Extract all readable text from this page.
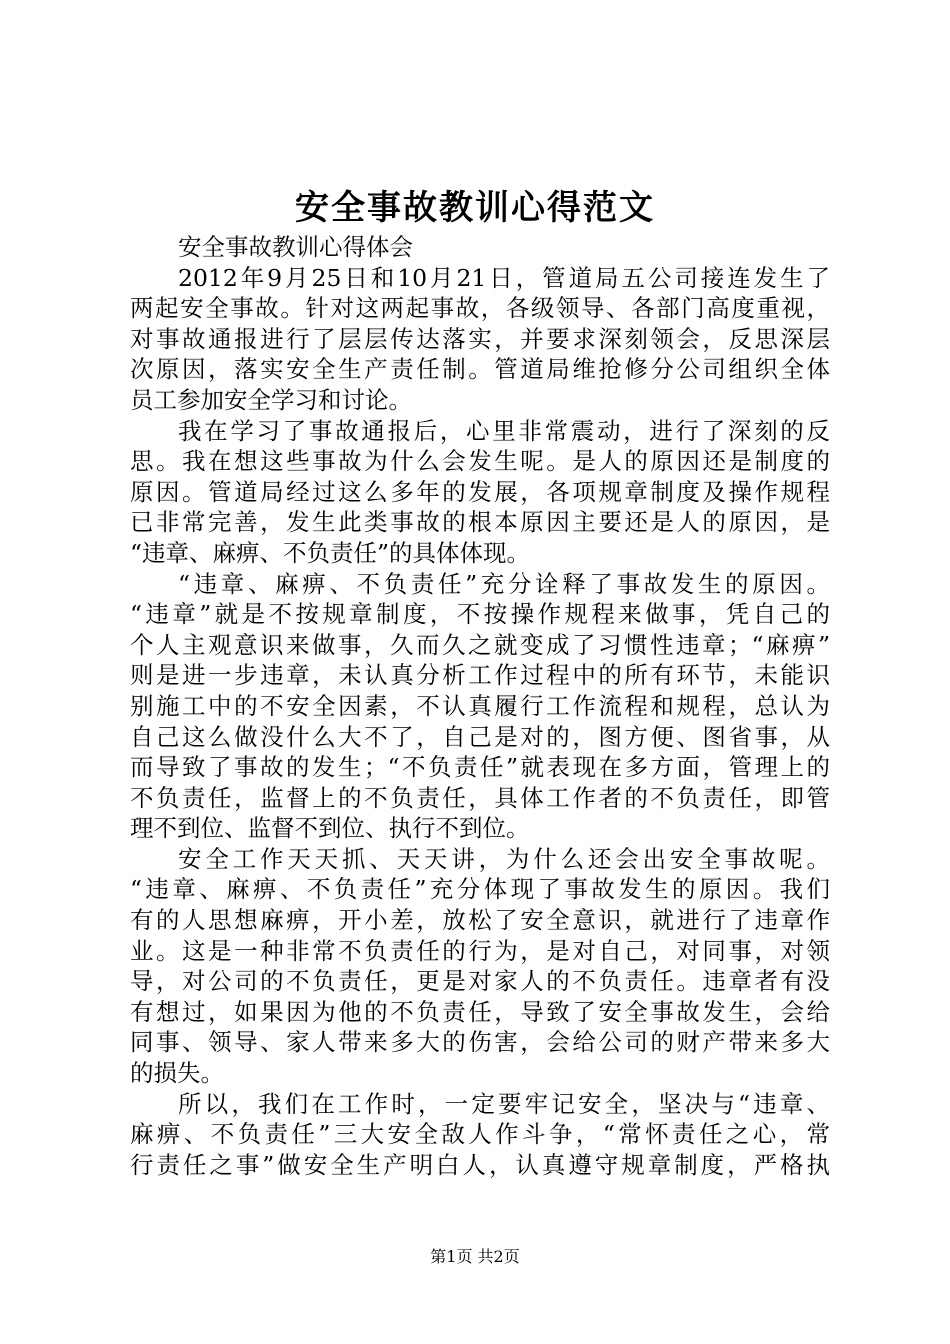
安全事故教训心得范文

安全事故教训心得体会

2012年9月25日和10月21日，管道局五公司接连发生了

两起安全事故。针对这两起事故，各级领导、各部门高度重视，

对事故通报进行了层层传达落实，并要求深刻领会，反思深层

次原因，落实安全生产责任制。管道局维抢修分公司组织全体

员工参加安全学习和讨论。

我在学习了事故通报后，心里非常震动，进行了深刻的反

思。我在想这些事故为什么会发生呢。是人的原因还是制度的

原因。管道局经过这么多年的发展，各项规章制度及操作规程

已非常完善，发生此类事故的根本原因主要还是人的原因，是

“违章、麻痹、不负责任”的具体体现。

“违章、麻痹、不负责任”充分诠释了事故发生的原因。

“违章”就是不按规章制度，不按操作规程来做事，凭自己的

个人主观意识来做事，久而久之就变成了习惯性违章；“麻痹”

则是进一步违章，未认真分析工作过程中的所有环节，未能识

别施工中的不安全因素，不认真履行工作流程和规程，总认为

自己这么做没什么大不了，自己是对的，图方便、图省事，从

而导致了事故的发生；“不负责任”就表现在多方面，管理上的

不负责任，监督上的不负责任，具体工作者的不负责任，即管

理不到位、监督不到位、执行不到位。

安全工作天天抓、天天讲，为什么还会出安全事故呢。

“违章、麻痹、不负责任”充分体现了事故发生的原因。我们

有的人思想麻痹，开小差，放松了安全意识，就进行了违章作

业。这是一种非常不负责任的行为，是对自己，对同事，对领

导，对公司的不负责任，更是对家人的不负责任。违章者有没

有想过，如果因为他的不负责任，导致了安全事故发生，会给

同事、领导、家人带来多大的伤害，会给公司的财产带来多大

的损失。

所以，我们在工作时，一定要牢记安全，坚决与“违章、

麻痹、不负责任”三大安全敌人作斗争，“常怀责任之心，常

行责任之事”做安全生产明白人，认真遵守规章制度，严格执

第1页 共2页
